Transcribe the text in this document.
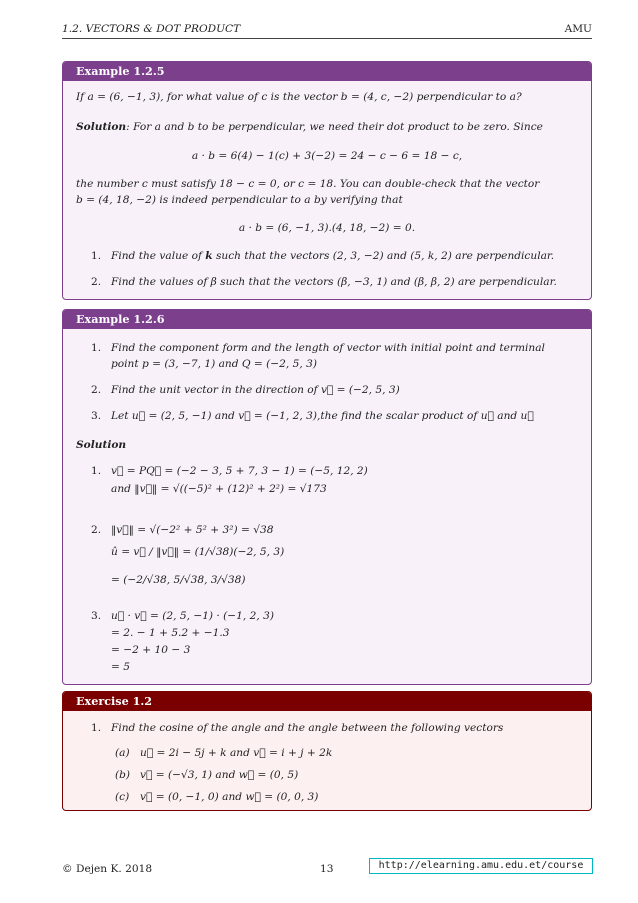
1.2. VECTORS & DOT PRODUCT	AMU
Example 1.2.5
If a = (6, −1, 3), for what value of c is the vector b = (4, c, −2) perpendicular to a?
Solution: For a and b to be perpendicular, we need their dot product to be zero. Since
a · b = 6(4) − 1(c) + 3(−2) = 24 − c − 6 = 18 − c,
the number c must satisfy 18 − c = 0, or c = 18. You can double-check that the vector
b = (4, 18, −2) is indeed perpendicular to a by verifying that
a · b = (6, −1, 3).(4, 18, −2) = 0.
1. Find the value of k such that the vectors (2, 3, −2) and (5, k, 2) are perpendicular.
2. Find the values of β such that the vectors (β, −3, 1) and (β, β, 2) are perpendicular.
Example 1.2.6
1. Find the component form and the length of vector with initial point and terminal
point p = (3, −7, 1) and Q = (−2, 5, 3)
2. Find the unit vector in the direction of v⃗ = (−2, 5, 3)
3. Let u⃗ = (2, 5, −1) and v⃗ = (−1, 2, 3),the find the scalar product of u⃗ and u⃗
Solution
1. v⃗ = PQ⃗ = (−2 − 3, 5 + 7, 3 − 1) = (−5, 12, 2)
and ‖v⃗‖ = √((−5)² + (12)² + 2²) = √173
2. ‖v⃗‖ = √(−2² + 5² + 3²) = √38
û = v⃗ / ‖v⃗‖ = (1/√38)(−2, 5, 3)
= (−2/√38, 5/√38, 3/√38)
3. u⃗ · v⃗ = (2, 5, −1) · (−1, 2, 3)
= 2. − 1 + 5.2 + −1.3
= −2 + 10 − 3
= 5
Exercise 1.2
1. Find the cosine of the angle and the angle between the following vectors
(a) u⃗ = 2i − 5j + k and v⃗ = i + j + 2k
(b) v⃗ = (−√3, 1) and w⃗ = (0, 5)
(c) v⃗ = (0, −1, 0) and w⃗ = (0, 0, 3)
© Dejen K. 2018	13	http://elearning.amu.edu.et/course
